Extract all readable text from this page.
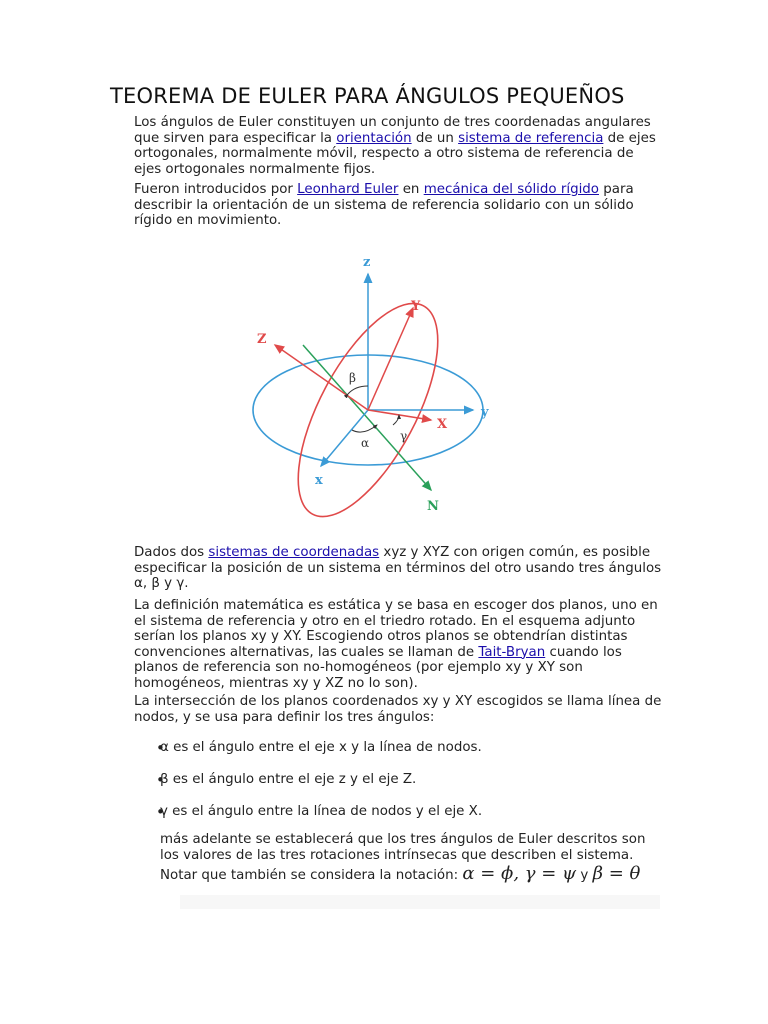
TEOREMA DE EULER PARA ÁNGULOS PEQUEÑOS

Los ángulos de Euler constituyen un conjunto de tres coordenadas angulares que sirven para especificar la orientación de un sistema de referencia de ejes ortogonales, normalmente móvil, respecto a otro sistema de referencia de ejes ortogonales normalmente fijos.

Fueron introducidos por Leonhard Euler en mecánica del sólido rígido para describir la orientación de un sistema de referencia solidario con un sólido rígido en movimiento.

z
Y
Z
y
X
x
N
β
γ
α

Dados dos sistemas de coordenadas xyz y XYZ con origen común, es posible especificar la posición de un sistema en términos del otro usando tres ángulos α, β y γ.

La definición matemática es estática y se basa en escoger dos planos, uno en el sistema de referencia y otro en el triedro rotado. En el esquema adjunto serían los planos xy y XY. Escogiendo otros planos se obtendrían distintas convenciones alternativas, las cuales se llaman de Tait-Bryan cuando los planos de referencia son no-homogéneos (por ejemplo xy y XY son homogéneos, mientras xy y XZ no lo son).

La intersección de los planos coordenados xy y XY escogidos se llama línea de nodos, y se usa para definir los tres ángulos:

• α es el ángulo entre el eje x y la línea de nodos.
• β es el ángulo entre el eje z y el eje Z.
• γ es el ángulo entre la línea de nodos y el eje X.

más adelante se establecerá que los tres ángulos de Euler descritos son los valores de las tres rotaciones intrínsecas que describen el sistema.

Notar que también se considera la notación: α = ϕ, γ = ψ y β = θ
